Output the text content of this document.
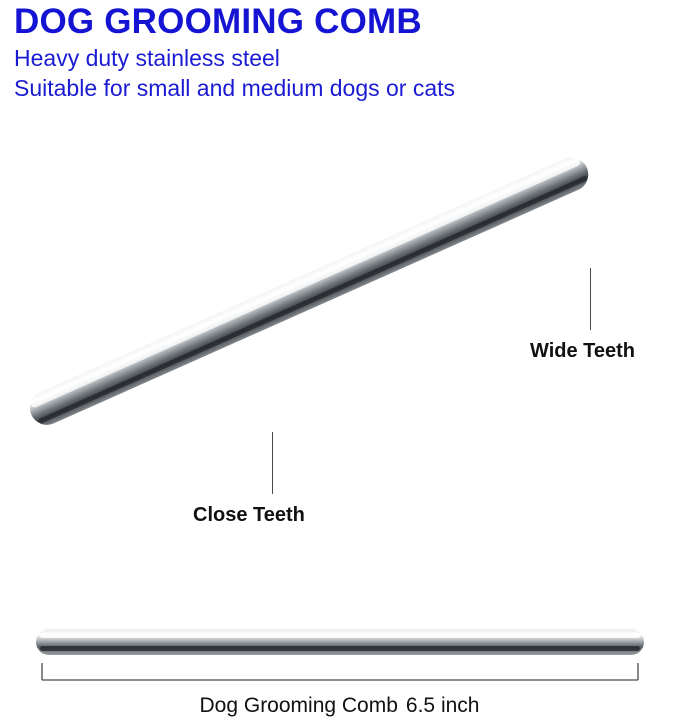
DOG GROOMING COMB
Heavy duty stainless steel
Suitable for small and medium dogs or cats
Wide Teeth
Close Teeth
Dog Grooming Comb 6.5 inch
